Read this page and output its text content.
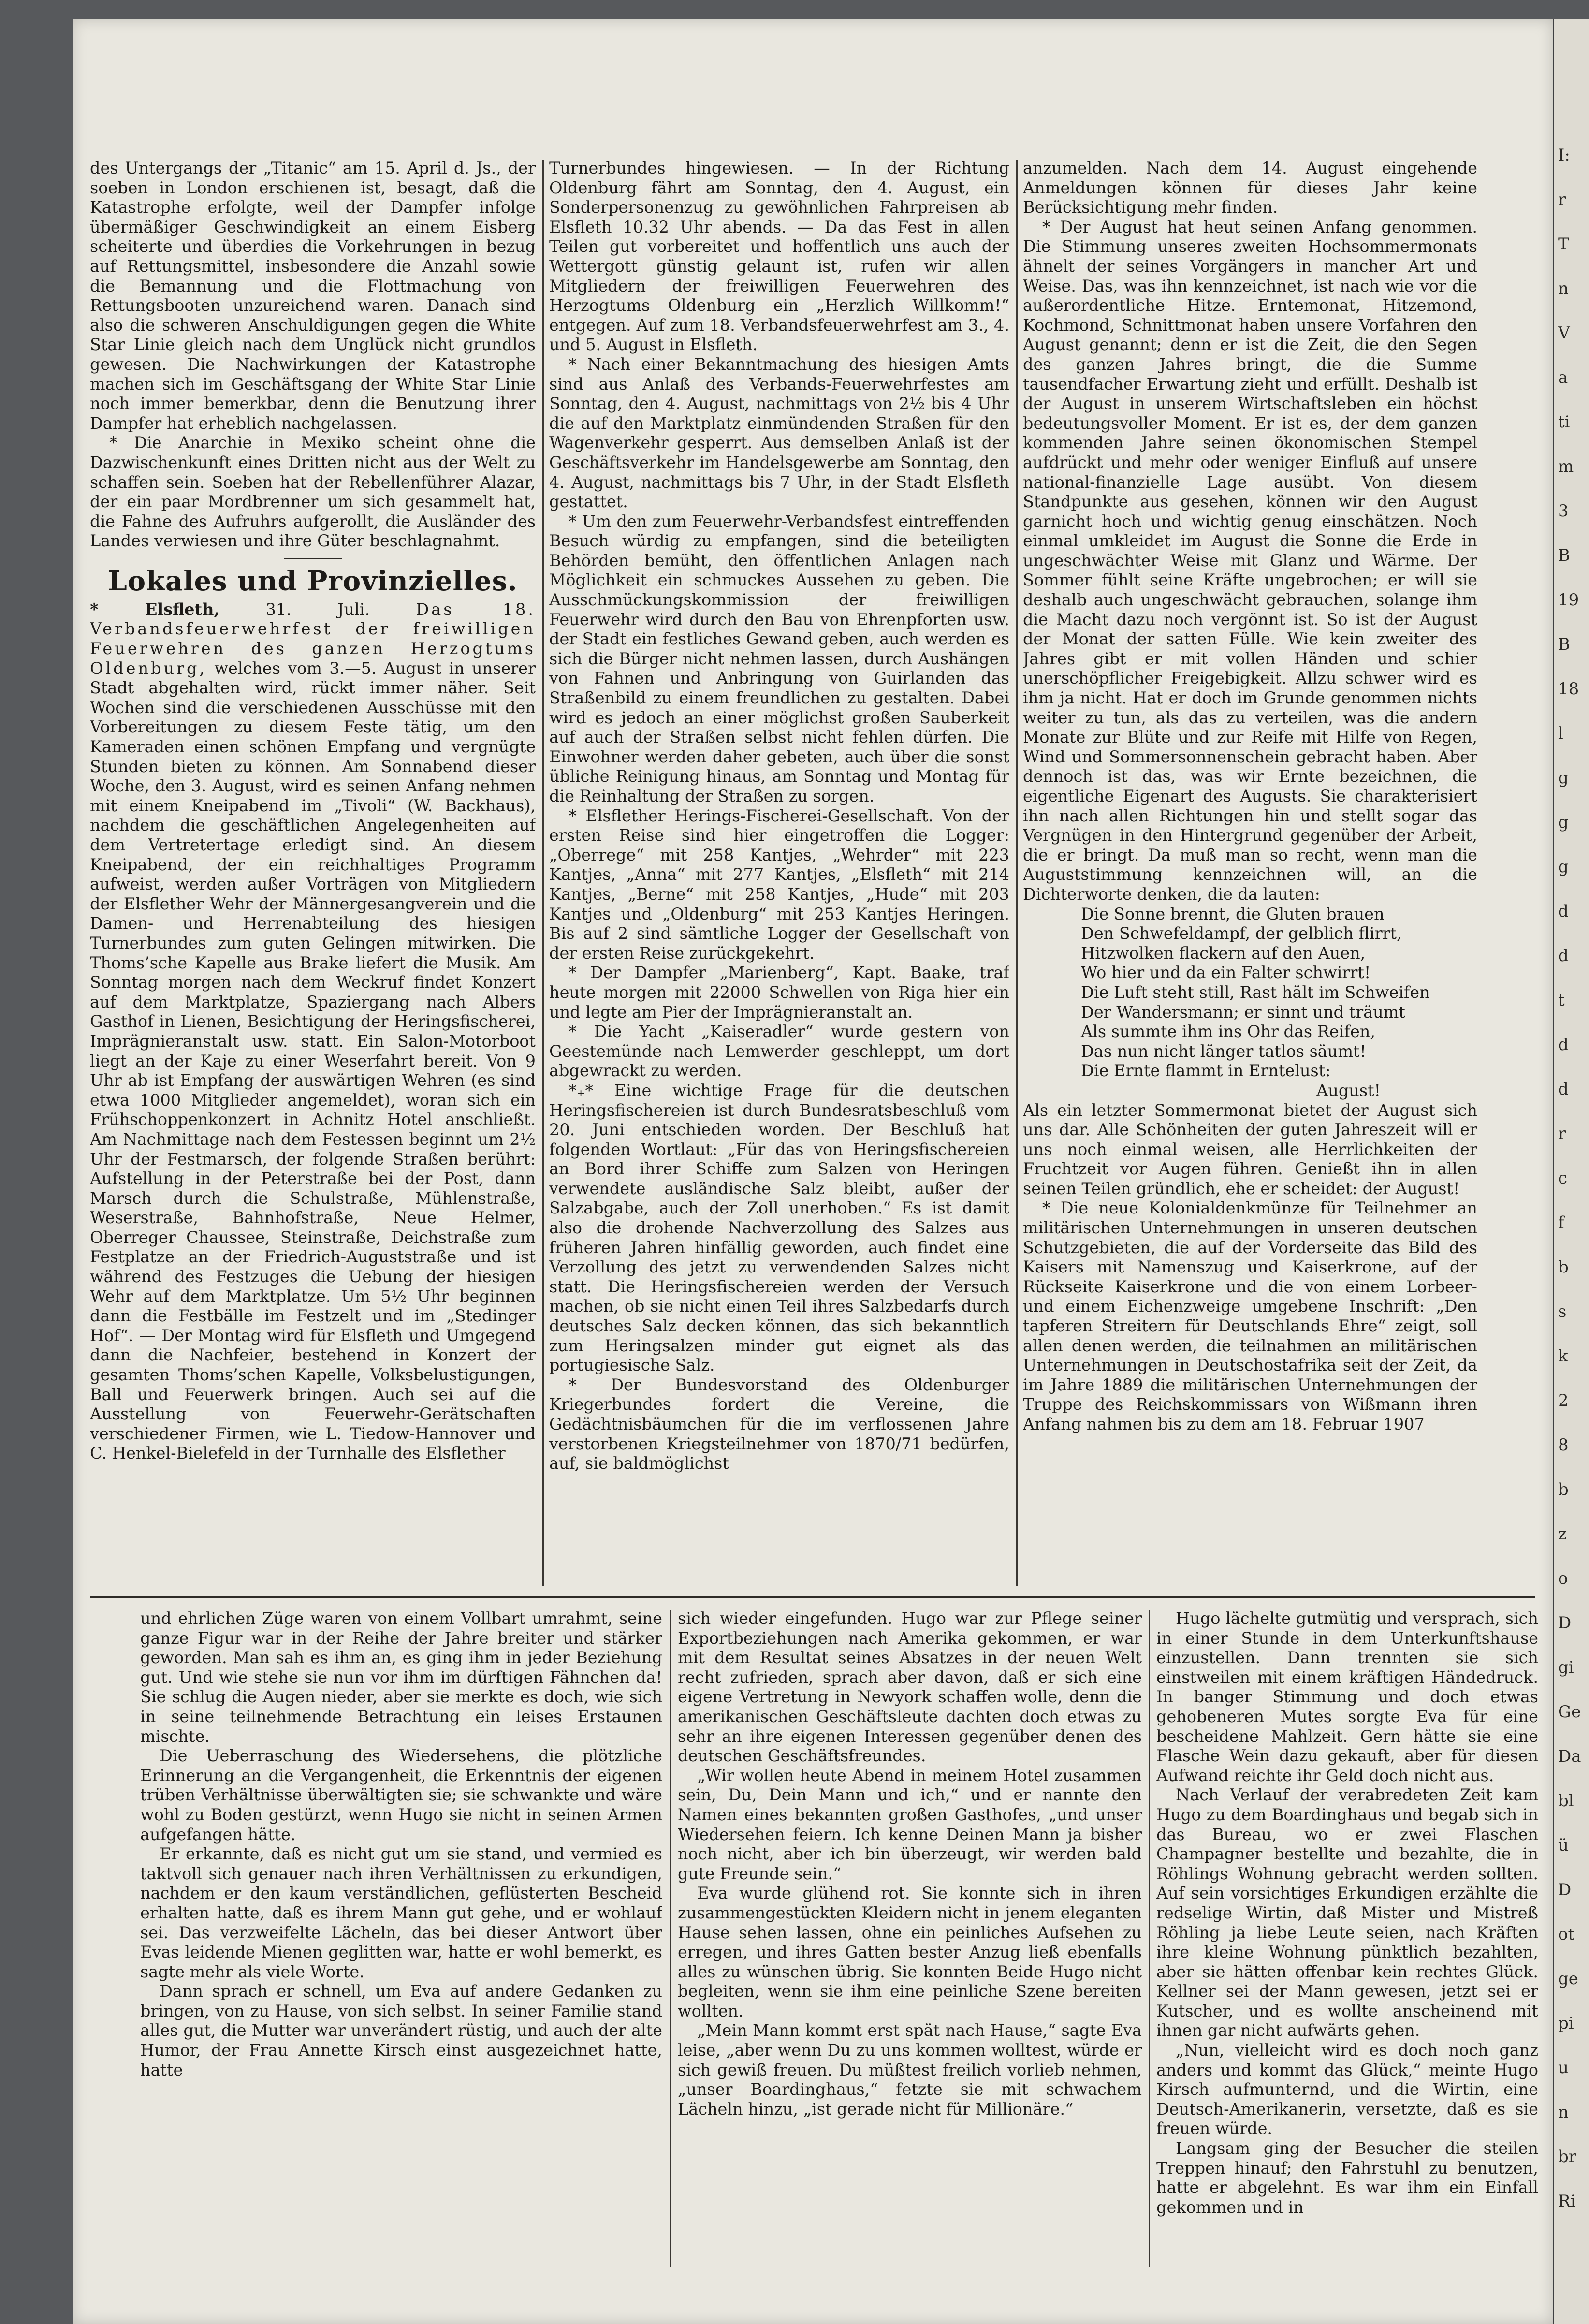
des Untergangs der „Titanic“ am 15. April d. Js., der soeben in London erschienen ist, besagt, daß die Katastrophe erfolgte, weil der Dampfer infolge übermäßiger Geschwindigkeit an einem Eisberg scheiterte und überdies die Vorkehrungen in bezug auf Rettungsmittel, insbesondere die Anzahl sowie die Bemannung und die Flottmachung von Rettungsbooten unzureichend waren. Danach sind also die schweren Anschuldigungen gegen die White Star Linie gleich nach dem Unglück nicht grundlos gewesen. Die Nachwirkungen der Katastrophe machen sich im Geschäftsgang der White Star Linie noch immer bemerkbar, denn die Benutzung ihrer Dampfer hat erheblich nachgelassen.

* Die Anarchie in Mexiko scheint ohne die Dazwischenkunft eines Dritten nicht aus der Welt zu schaffen sein. Soeben hat der Rebellenführer Alazar, der ein paar Mordbrenner um sich gesammelt hat, die Fahne des Aufruhrs aufgerollt, die Ausländer des Landes verwiesen und ihre Güter beschlagnahmt.

Lokales und Provinzielles.

* Elsfleth,	31. Juli.	Das 18. Verbandsfeuerwehrfest der freiwilligen Feuerwehren des ganzen Herzogtums Oldenburg, welches vom 3.—5. August in unserer Stadt abgehalten wird, rückt immer näher. Seit Wochen sind die verschiedenen Ausschüsse mit den Vorbereitungen zu diesem Feste tätig, um den Kameraden einen schönen Empfang und vergnügte Stunden bieten zu können. Am Sonnabend dieser Woche, den 3. August, wird es seinen Anfang nehmen mit einem Kneipabend im „Tivoli“ (W. Backhaus), nachdem die geschäftlichen Angelegenheiten auf dem Vertretertage erledigt sind. An diesem Kneipabend, der ein reichhaltiges Programm aufweist, werden außer Vorträgen von Mitgliedern der Elsflether Wehr der Männergesangverein und die Damen- und Herrenabteilung des hiesigen Turnerbundes zum guten Gelingen mitwirken. Die Thoms’sche Kapelle aus Brake liefert die Musik. Am Sonntag morgen nach dem Weckruf findet Konzert auf dem Marktplatze, Spaziergang nach Albers Gasthof in Lienen, Besichtigung der Heringsfischerei, Imprägnieranstalt usw. statt. Ein Salon-Motorboot liegt an der Kaje zu einer Weserfahrt bereit. Von 9 Uhr ab ist Empfang der auswärtigen Wehren (es sind etwa 1000 Mitglieder angemeldet), woran sich ein Frühschoppenkonzert in Achnitz Hotel anschließt. Am Nachmittage nach dem Festessen beginnt um 2½ Uhr der Festmarsch, der folgende Straßen berührt: Aufstellung in der Peterstraße bei der Post, dann Marsch durch die Schulstraße, Mühlenstraße, Weserstraße, Bahnhofstraße, Neue Helmer, Oberreger Chaussee, Steinstraße, Deichstraße zum Festplatze an der Friedrich-Auguststraße und ist während des Festzuges die Uebung der hiesigen Wehr auf dem Marktplatze. Um 5½ Uhr beginnen dann die Festbälle im Festzelt und im „Stedinger Hof“. — Der Montag wird für Elsfleth und Umgegend dann die Nachfeier, bestehend in Konzert der gesamten Thoms’schen Kapelle, Volksbelustigungen, Ball und Feuerwerk bringen. Auch sei auf die Ausstellung von Feuerwehr-Gerätschaften verschiedener Firmen, wie L. Tiedow-Hannover und C. Henkel-Bielefeld in der Turnhalle des Elsflether

Turnerbundes hingewiesen. — In der Richtung Oldenburg fährt am Sonntag, den 4. August, ein Sonderpersonenzug zu gewöhnlichen Fahrpreisen ab Elsfleth 10.32 Uhr abends. — Da das Fest in allen Teilen gut vorbereitet und hoffentlich uns auch der Wettergott günstig gelaunt ist, rufen wir allen Mitgliedern der freiwilligen Feuerwehren des Herzogtums Oldenburg ein „Herzlich Willkomm!“ entgegen. Auf zum 18. Verbandsfeuerwehrfest am 3., 4. und 5. August in Elsfleth.

* Nach einer Bekanntmachung des hiesigen Amts sind aus Anlaß des Verbands-Feuerwehrfestes am Sonntag, den 4. August, nachmittags von 2½ bis 4 Uhr die auf den Marktplatz einmündenden Straßen für den Wagenverkehr gesperrt. Aus demselben Anlaß ist der Geschäftsverkehr im Handelsgewerbe am Sonntag, den 4. August, nachmittags bis 7 Uhr, in der Stadt Elsfleth gestattet.

* Um den zum Feuerwehr-Verbandsfest eintreffenden Besuch würdig zu empfangen, sind die beteiligten Behörden bemüht, den öffentlichen Anlagen nach Möglichkeit ein schmuckes Aussehen zu geben. Die Ausschmückungskommission der freiwilligen Feuerwehr wird durch den Bau von Ehrenpforten usw. der Stadt ein festliches Gewand geben, auch werden es sich die Bürger nicht nehmen lassen, durch Aushängen von Fahnen und Anbringung von Guirlanden das Straßenbild zu einem freundlichen zu gestalten. Dabei wird es jedoch an einer möglichst großen Sauberkeit auf auch der Straßen selbst nicht fehlen dürfen. Die Einwohner werden daher gebeten, auch über die sonst übliche Reinigung hinaus, am Sonntag und Montag für die Reinhaltung der Straßen zu sorgen.

* Elsflether Herings-Fischerei-Gesellschaft. Von der ersten Reise sind hier eingetroffen die Logger: „Oberrege“ mit 258 Kantjes, „Wehrder“ mit 223 Kantjes, „Anna“ mit 277 Kantjes, „Elsfleth“ mit 214 Kantjes, „Berne“ mit 258 Kantjes, „Hude“ mit 203 Kantjes und „Oldenburg“ mit 253 Kantjes Heringen. Bis auf 2 sind sämtliche Logger der Gesellschaft von der ersten Reise zurückgekehrt.

* Der Dampfer „Marienberg“, Kapt. Baake, traf heute morgen mit 22000 Schwellen von Riga hier ein und legte am Pier der Imprägnieranstalt an.

* Die Yacht „Kaiseradler“ wurde gestern von Geestemünde nach Lemwerder geschleppt, um dort abgewrackt zu werden.

*₊* Eine wichtige Frage für die deutschen Heringsfischereien ist durch Bundesratsbeschluß vom 20. Juni entschieden worden. Der Beschluß hat folgenden Wortlaut: „Für das von Heringsfischereien an Bord ihrer Schiffe zum Salzen von Heringen verwendete ausländische Salz bleibt, außer der Salzabgabe, auch der Zoll unerhoben.“ Es ist damit also die drohende Nachverzollung des Salzes aus früheren Jahren hinfällig geworden, auch findet eine Verzollung des jetzt zu verwendenden Salzes nicht statt. Die Heringsfischereien werden der Versuch machen, ob sie nicht einen Teil ihres Salzbedarfs durch deutsches Salz decken können, das sich bekanntlich zum Heringsalzen minder gut eignet als das portugiesische Salz.

* Der Bundesvorstand des Oldenburger Kriegerbundes fordert die Vereine, die Gedächtnisbäumchen für die im verflossenen Jahre verstorbenen Kriegsteilnehmer von 1870/71 bedürfen, auf, sie baldmöglichst

anzumelden. Nach dem 14. August eingehende Anmeldungen können für dieses Jahr keine Berücksichtigung mehr finden.

* Der August hat heut seinen Anfang genommen. Die Stimmung unseres zweiten Hochsommermonats ähnelt der seines Vorgängers in mancher Art und Weise. Das, was ihn kennzeichnet, ist nach wie vor die außerordentliche Hitze. Erntemonat, Hitzemond, Kochmond, Schnittmonat haben unsere Vorfahren den August genannt; denn er ist die Zeit, die den Segen des ganzen Jahres bringt, die die Summe tausendfacher Erwartung zieht und erfüllt. Deshalb ist der August in unserem Wirtschaftsleben ein höchst bedeutungsvoller Moment. Er ist es, der dem ganzen kommenden Jahre seinen ökonomischen Stempel aufdrückt und mehr oder weniger Einfluß auf unsere national-finanzielle Lage ausübt. Von diesem Standpunkte aus gesehen, können wir den August garnicht hoch und wichtig genug einschätzen. Noch einmal umkleidet im August die Sonne die Erde in ungeschwächter Weise mit Glanz und Wärme. Der Sommer fühlt seine Kräfte ungebrochen; er will sie deshalb auch ungeschwächt gebrauchen, solange ihm die Macht dazu noch vergönnt ist. So ist der August der Monat der satten Fülle. Wie kein zweiter des Jahres gibt er mit vollen Händen und schier unerschöpflicher Freigebigkeit. Allzu schwer wird es ihm ja nicht. Hat er doch im Grunde genommen nichts weiter zu tun, als das zu verteilen, was die andern Monate zur Blüte und zur Reife mit Hilfe von Regen, Wind und Sommersonnenschein gebracht haben. Aber dennoch ist das, was wir Ernte bezeichnen, die eigentliche Eigenart des Augusts. Sie charakterisiert ihn nach allen Richtungen hin und stellt sogar das Vergnügen in den Hintergrund gegenüber der Arbeit, die er bringt. Da muß man so recht, wenn man die Auguststimmung kennzeichnen will, an die Dichterworte denken, die da lauten:

Die Sonne brennt, die Gluten brauen

Den Schwefeldampf, der gelblich flirrt,

Hitzwolken flackern auf den Auen,

Wo hier und da ein Falter schwirrt!

Die Luft steht still, Rast hält im Schweifen

Der Wandersmann; er sinnt und träumt

Als summte ihm ins Ohr das Reifen,

Das nun nicht länger tatlos säumt!

Die Ernte flammt in Erntelust:

August!

Als ein letzter Sommermonat bietet der August sich uns dar. Alle Schönheiten der guten Jahreszeit will er uns noch einmal weisen, alle Herrlichkeiten der Fruchtzeit vor Augen führen. Genießt ihn in allen seinen Teilen gründlich, ehe er scheidet: der August!

* Die neue Kolonialdenkmünze für Teilnehmer an militärischen Unternehmungen in unseren deutschen Schutzgebieten, die auf der Vorderseite das Bild des Kaisers mit Namenszug und Kaiserkrone, auf der Rückseite Kaiserkrone und die von einem Lorbeer- und einem Eichenzweige umgebene Inschrift: „Den tapferen Streitern für Deutschlands Ehre“ zeigt, soll allen denen werden, die teilnahmen an militärischen Unternehmungen in Deutschostafrika seit der Zeit, da im Jahre 1889 die militärischen Unternehmungen der Truppe des Reichskommissars von Wißmann ihren Anfang nahmen bis zu dem am 18. Februar 1907

und ehrlichen Züge waren von einem Vollbart umrahmt, seine ganze Figur war in der Reihe der Jahre breiter und stärker geworden. Man sah es ihm an, es ging ihm in jeder Beziehung gut. Und wie stehe sie nun vor ihm im dürftigen Fähnchen da! Sie schlug die Augen nieder, aber sie merkte es doch, wie sich in seine teilnehmende Betrachtung ein leises Erstaunen mischte.

Die Ueberraschung des Wiedersehens, die plötzliche Erinnerung an die Vergangenheit, die Erkenntnis der eigenen trüben Verhältnisse überwältigten sie; sie schwankte und wäre wohl zu Boden gestürzt, wenn Hugo sie nicht in seinen Armen aufgefangen hätte.

Er erkannte, daß es nicht gut um sie stand, und vermied es taktvoll sich genauer nach ihren Verhältnissen zu erkundigen, nachdem er den kaum verständlichen, geflüsterten Bescheid erhalten hatte, daß es ihrem Mann gut gehe, und er wohlauf sei. Das verzweifelte Lächeln, das bei dieser Antwort über Evas leidende Mienen geglitten war, hatte er wohl bemerkt, es sagte mehr als viele Worte.

Dann sprach er schnell, um Eva auf andere Gedanken zu bringen, von zu Hause, von sich selbst. In seiner Familie stand alles gut, die Mutter war unverändert rüstig, und auch der alte Humor, der Frau Annette Kirsch einst ausgezeichnet hatte, hatte

sich wieder eingefunden. Hugo war zur Pflege seiner Exportbeziehungen nach Amerika gekommen, er war mit dem Resultat seines Absatzes in der neuen Welt recht zufrieden, sprach aber davon, daß er sich eine eigene Vertretung in Newyork schaffen wolle, denn die amerikanischen Geschäftsleute dachten doch etwas zu sehr an ihre eigenen Interessen gegenüber denen des deutschen Geschäftsfreundes.

„Wir wollen heute Abend in meinem Hotel zusammen sein, Du, Dein Mann und ich,“ und er nannte den Namen eines bekannten großen Gasthofes, „und unser Wiedersehen feiern. Ich kenne Deinen Mann ja bisher noch nicht, aber ich bin überzeugt, wir werden bald gute Freunde sein.“

Eva wurde glühend rot. Sie konnte sich in ihren zusammengestückten Kleidern nicht in jenem eleganten Hause sehen lassen, ohne ein peinliches Aufsehen zu erregen, und ihres Gatten bester Anzug ließ ebenfalls alles zu wünschen übrig. Sie konnten Beide Hugo nicht begleiten, wenn sie ihm eine peinliche Szene bereiten wollten.

„Mein Mann kommt erst spät nach Hause,“ sagte Eva leise, „aber wenn Du zu uns kommen wolltest, würde er sich gewiß freuen. Du müßtest freilich vorlieb nehmen, „unser Boardinghaus,“ fetzte sie mit schwachem Lächeln hinzu, „ist gerade nicht für Millionäre.“

Hugo lächelte gutmütig und versprach, sich in einer Stunde in dem Unterkunftshause einzustellen. Dann trennten sie sich einstweilen mit einem kräftigen Händedruck. In banger Stimmung und doch etwas gehobeneren Mutes sorgte Eva für eine bescheidene Mahlzeit. Gern hätte sie eine Flasche Wein dazu gekauft, aber für diesen Aufwand reichte ihr Geld doch nicht aus.

Nach Verlauf der verabredeten Zeit kam Hugo zu dem Boardinghaus und begab sich in das Bureau, wo er zwei Flaschen Champagner bestellte und bezahlte, die in Röhlings Wohnung gebracht werden sollten. Auf sein vorsichtiges Erkundigen erzählte die redselige Wirtin, daß Mister und Mistreß Röhling ja liebe Leute seien, nach Kräften ihre kleine Wohnung pünktlich bezahlten, aber sie hätten offenbar kein rechtes Glück. Kellner sei der Mann gewesen, jetzt sei er Kutscher, und es wollte anscheinend mit ihnen gar nicht aufwärts gehen.

„Nun, vielleicht wird es doch noch ganz anders und kommt das Glück,“ meinte Hugo Kirsch aufmunternd, und die Wirtin, eine Deutsch-Amerikanerin, versetzte, daß es sie freuen würde.

Langsam ging der Besucher die steilen Treppen hinauf; den Fahrstuhl zu benutzen, hatte er abgelehnt. Es war ihm ein Einfall gekommen und in

I:
r
T
n
V
a
ti
m
3
B
19
B
18
l
g
g
g
d
d
t
d
d
r
c
f
b
s
k
2
8
b
z
o
D
gi
Ge
Da
bl
ü
D
ot
ge
pi
u
n
br
Ri
